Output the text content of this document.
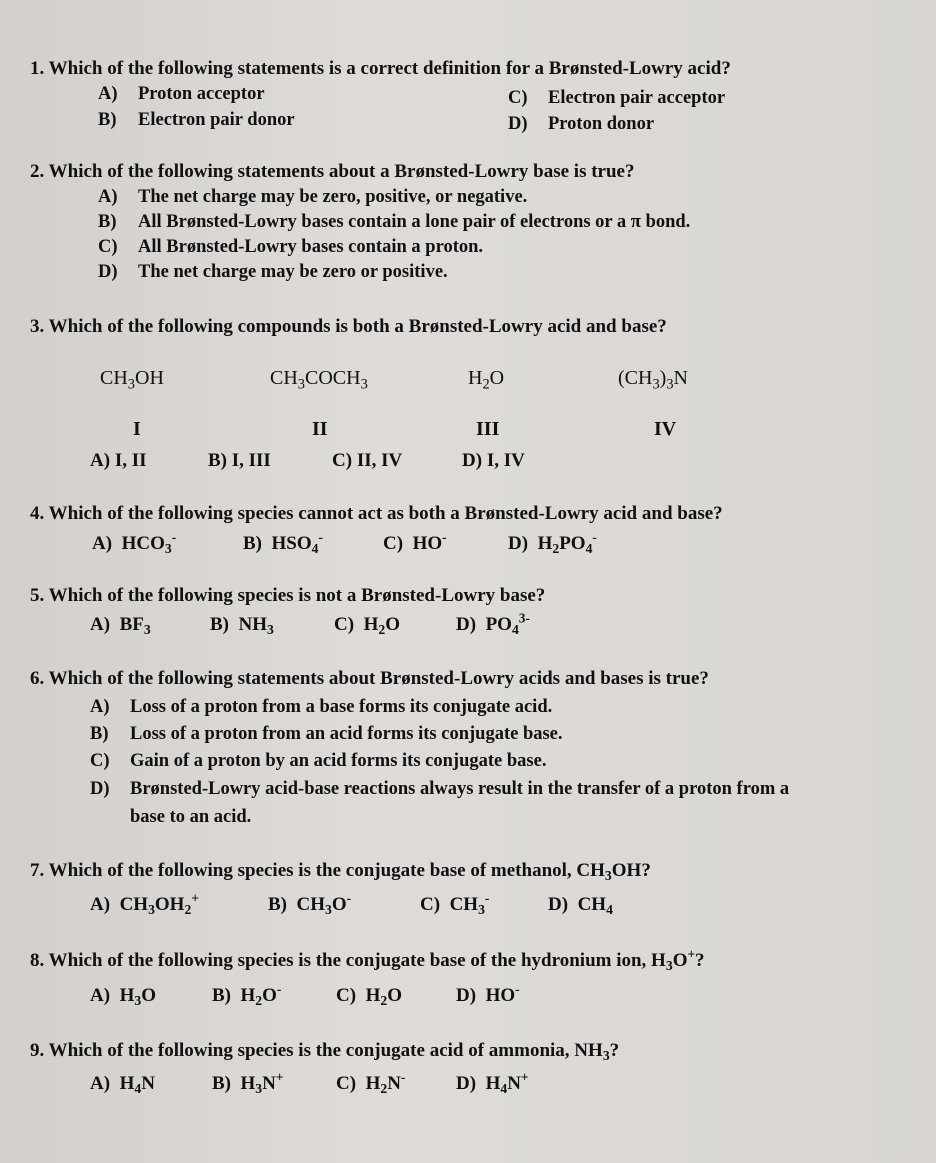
1. Which of the following statements is a correct definition for a Brønsted-Lowry acid?
A) Proton acceptor	C) Electron pair acceptor
B) Electron pair donor	D) Proton donor
2. Which of the following statements about a Brønsted-Lowry base is true?
A) The net charge may be zero, positive, or negative.
B) All Brønsted-Lowry bases contain a lone pair of electrons or a π bond.
C) All Brønsted-Lowry bases contain a proton.
D) The net charge may be zero or positive.
3. Which of the following compounds is both a Brønsted-Lowry acid and base?
$CH_3OH$	$CH_3COCH_3$	$H_2O$	$(CH_3)_3N$
I	II	III	IV
A) I, II	B) I, III	C) II, IV	D) I, IV
4. Which of the following species cannot act as both a Brønsted-Lowry acid and base?
A) $HCO_3^-$	B) $HSO_4^-$	C) HO-	D) $H_2PO_4^-$
5. Which of the following species is not a Brønsted-Lowry base?
A) $BF_3$	B) $NH_3$	C) $H_2O$	D) $PO_4^{3-}$
6. Which of the following statements about Brønsted-Lowry acids and bases is true?
A) Loss of a proton from a base forms its conjugate acid.
B) Loss of a proton from an acid forms its conjugate base.
C) Gain of a proton by an acid forms its conjugate base.
D) Brønsted-Lowry acid-base reactions always result in the transfer of a proton from a
base to an acid.
7. Which of the following species is the conjugate base of methanol, $CH_3OH$?
A) $CH_3OH_2^+$	B) $CH_3O^-$	C) $CH_3^-$	D) $CH_4$
8. Which of the following species is the conjugate base of the hydronium ion, $H_3O^+$?
A) $H_3O$	B) $H_2O^-$	C) $H_2O$	D) HO-
9. Which of the following species is the conjugate acid of ammonia, $NH_3$?
A) $H_4N$	B) $H_3N^+$	C) $H_2N^-$	D) $H_4N^+$
